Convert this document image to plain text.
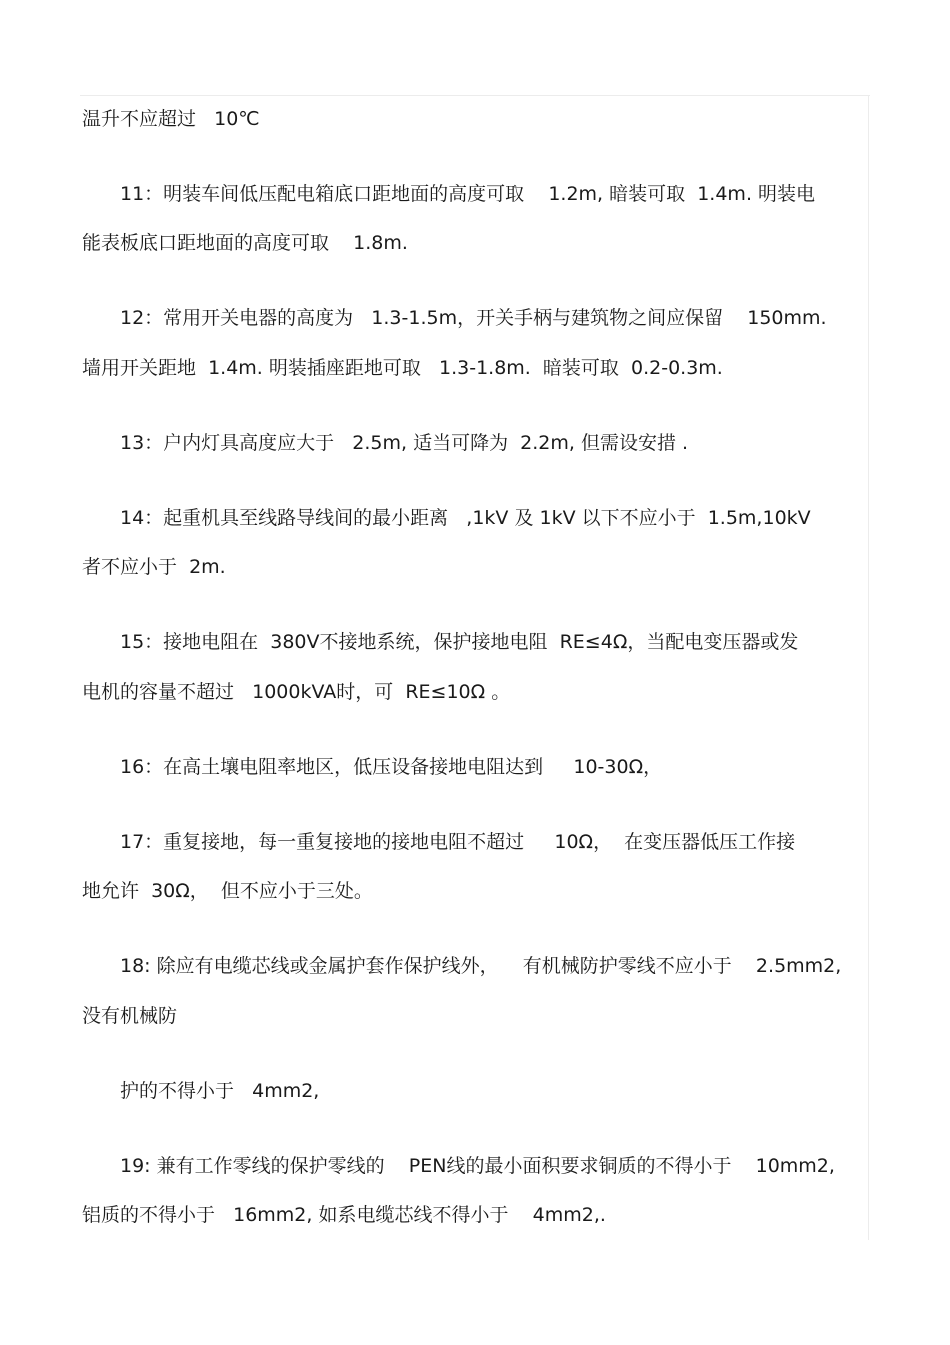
温升不应超过   10℃
11：明装车间低压配电箱底口距地面的高度可取    1.2m, 暗装可取  1.4m. 明装电
能表板底口距地面的高度可取    1.8m.
12：常用开关电器的高度为   1.3-1.5m，开关手柄与建筑物之间应保留    150mm.
墙用开关距地  1.4m. 明装插座距地可取   1.3-1.8m.  暗装可取  0.2-0.3m.
13：户内灯具高度应大于   2.5m, 适当可降为  2.2m, 但需设安措 .
14：起重机具至线路导线间的最小距离   ,1kV 及 1kV 以下不应小于  1.5m,10kV
者不应小于  2m.
15：接地电阻在  380V不接地系统，保护接地电阻  RE≤4Ω，当配电变压器或发
电机的容量不超过   1000kVA时，可  RE≤10Ω 。
16：在高土壤电阻率地区，低压设备接地电阻达到     10-30Ω，
17：重复接地，每一重复接地的接地电阻不超过     10Ω，  在变压器低压工作接
地允许  30Ω，  但不应小于三处。
18: 除应有电缆芯线或金属护套作保护线外，    有机械防护零线不应小于    2.5mm2,
没有机械防
护的不得小于   4mm2,
19: 兼有工作零线的保护零线的    PEN线的最小面积要求铜质的不得小于    10mm2,
铝质的不得小于   16mm2, 如系电缆芯线不得小于    4mm2,.
